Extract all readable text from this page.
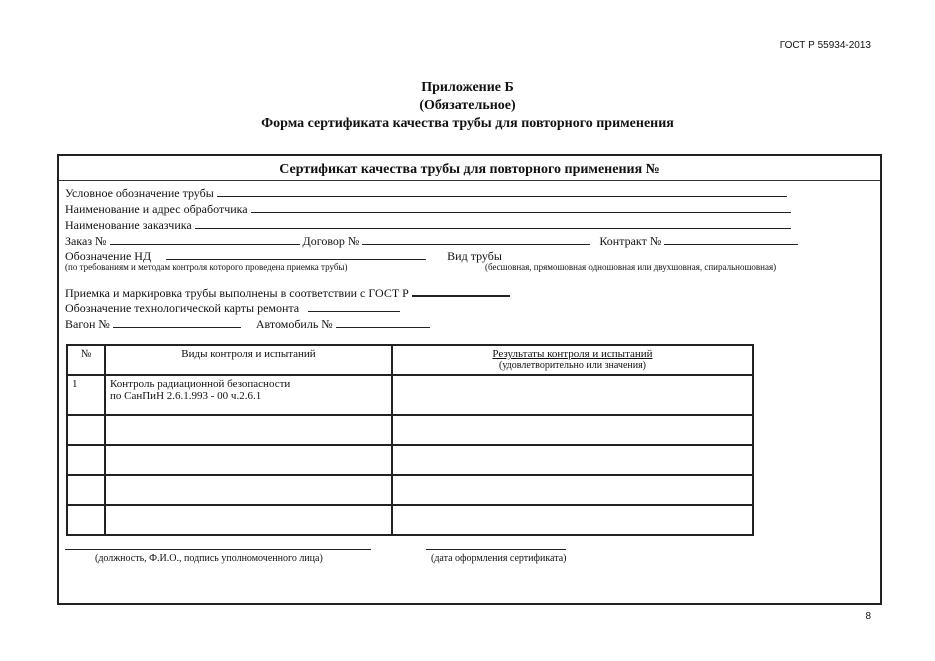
ГОСТ Р 55934-2013
Приложение Б
(Обязательное)
Форма сертификата качества трубы для повторного применения
Сертификат качества трубы для повторного применения №
Условное обозначение трубы
Наименование и адрес обработчика
Наименование заказчика
Заказ №	Договор №	Контракт №
Обозначение НД	Вид трубы
(по требованиям и методам контроля которого проведена приемка трубы)	(бесшовная, прямошовная одношовная или двухшовная, спиральношовная)
Приемка и маркировка трубы выполнены в соответствии с ГОСТ Р
Обозначение технологической карты ремонта
Вагон №	Автомобиль №
№	Виды контроля и испытаний	Результаты контроля и испытаний
(удовлетворительно или значения)

1	Контроль радиационной безопасности
по СанПиН 2.6.1.993 - 00 ч.2.6.1	

(должность, Ф.И.О., подпись уполномоченного лица)	(дата оформления сертификата)
8
